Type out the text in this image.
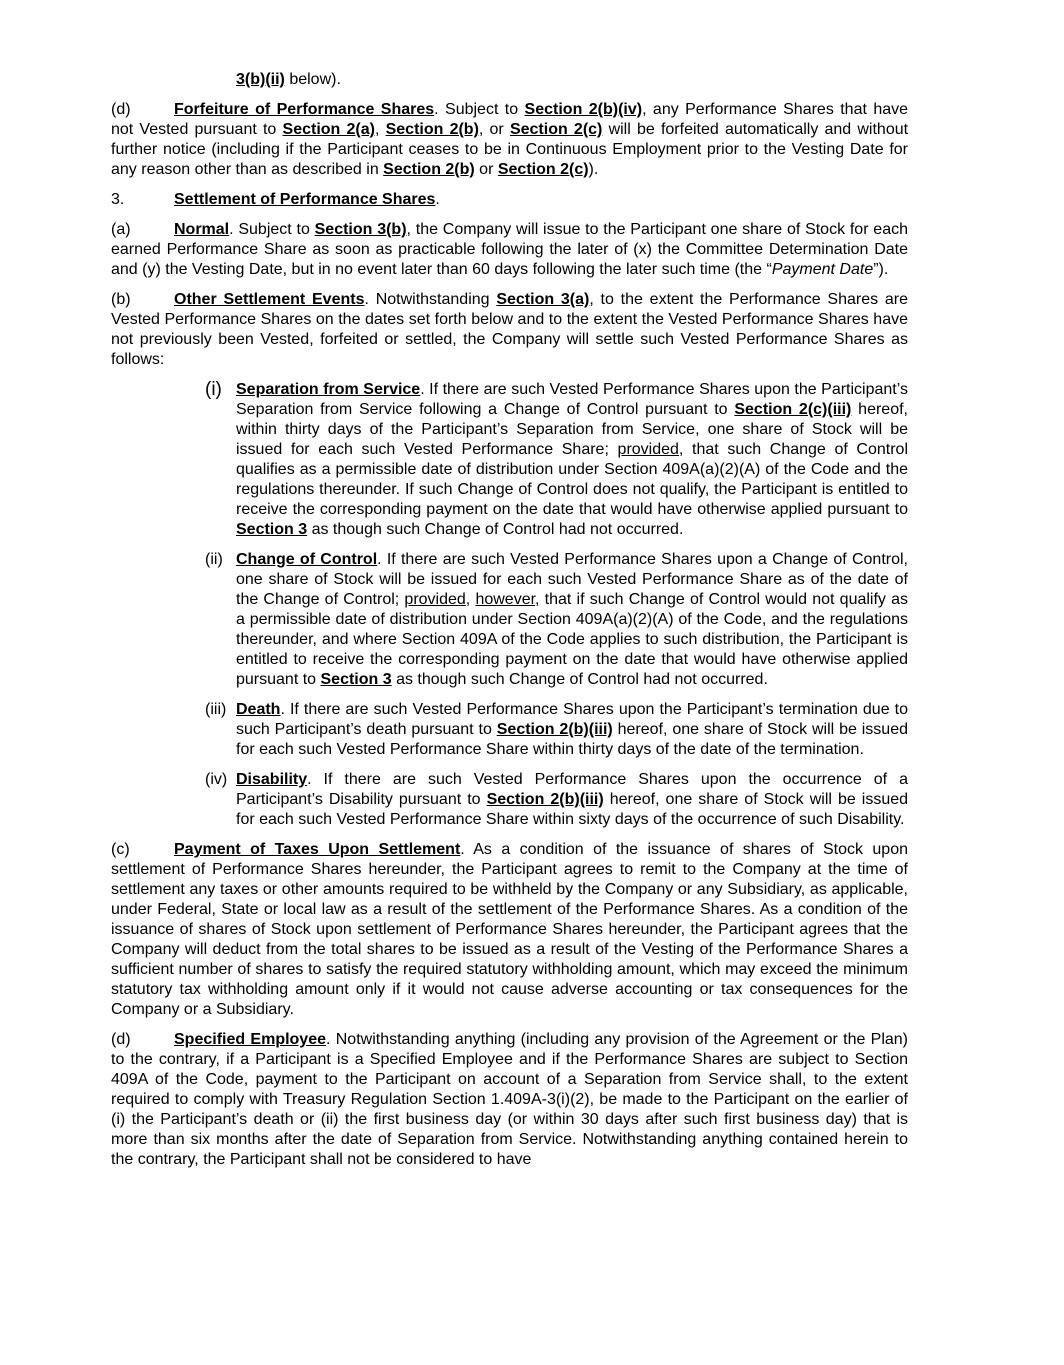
3(b)(ii) below).

(d)	Forfeiture of Performance Shares. Subject to Section 2(b)(iv), any Performance Shares that have not Vested pursuant to Section 2(a), Section 2(b), or Section 2(c) will be forfeited automatically and without further notice (including if the Participant ceases to be in Continuous Employment prior to the Vesting Date for any reason other than as described in Section 2(b) or Section 2(c)).

3.	Settlement of Performance Shares.

(a)	Normal. Subject to Section 3(b), the Company will issue to the Participant one share of Stock for each earned Performance Share as soon as practicable following the later of (x) the Committee Determination Date and (y) the Vesting Date, but in no event later than 60 days following the later such time (the “Payment Date”).

(b)	Other Settlement Events. Notwithstanding Section 3(a), to the extent the Performance Shares are Vested Performance Shares on the dates set forth below and to the extent the Vested Performance Shares have not previously been Vested, forfeited or settled, the Company will settle such Vested Performance Shares as follows:

(i) Separation from Service. If there are such Vested Performance Shares upon the Participant’s Separation from Service following a Change of Control pursuant to Section 2(c)(iii) hereof, within thirty days of the Participant’s Separation from Service, one share of Stock will be issued for each such Vested Performance Share; provided, that such Change of Control qualifies as a permissible date of distribution under Section 409A(a)(2)(A) of the Code and the regulations thereunder. If such Change of Control does not qualify, the Participant is entitled to receive the corresponding payment on the date that would have otherwise applied pursuant to Section 3 as though such Change of Control had not occurred.
(ii) Change of Control. If there are such Vested Performance Shares upon a Change of Control, one share of Stock will be issued for each such Vested Performance Share as of the date of the Change of Control; provided, however, that if such Change of Control would not qualify as a permissible date of distribution under Section 409A(a)(2)(A) of the Code, and the regulations thereunder, and where Section 409A of the Code applies to such distribution, the Participant is entitled to receive the corresponding payment on the date that would have otherwise applied pursuant to Section 3 as though such Change of Control had not occurred.
(iii) Death. If there are such Vested Performance Shares upon the Participant’s termination due to such Participant’s death pursuant to Section 2(b)(iii) hereof, one share of Stock will be issued for each such Vested Performance Share within thirty days of the date of the termination.
(iv) Disability. If there are such Vested Performance Shares upon the occurrence of a Participant’s Disability pursuant to Section 2(b)(iii) hereof, one share of Stock will be issued for each such Vested Performance Share within sixty days of the occurrence of such Disability.

(c)	Payment of Taxes Upon Settlement. As a condition of the issuance of shares of Stock upon settlement of Performance Shares hereunder, the Participant agrees to remit to the Company at the time of settlement any taxes or other amounts required to be withheld by the Company or any Subsidiary, as applicable, under Federal, State or local law as a result of the settlement of the Performance Shares. As a condition of the issuance of shares of Stock upon settlement of Performance Shares hereunder, the Participant agrees that the Company will deduct from the total shares to be issued as a result of the Vesting of the Performance Shares a sufficient number of shares to satisfy the required statutory withholding amount, which may exceed the minimum statutory tax withholding amount only if it would not cause adverse accounting or tax consequences for the Company or a Subsidiary.

(d)	Specified Employee. Notwithstanding anything (including any provision of the Agreement or the Plan) to the contrary, if a Participant is a Specified Employee and if the Performance Shares are subject to Section 409A of the Code, payment to the Participant on account of a Separation from Service shall, to the extent required to comply with Treasury Regulation Section 1.409A-3(i)(2), be made to the Participant on the earlier of (i) the Participant’s death or (ii) the first business day (or within 30 days after such first business day) that is more than six months after the date of Separation from Service. Notwithstanding anything contained herein to the contrary, the Participant shall not be considered to have
